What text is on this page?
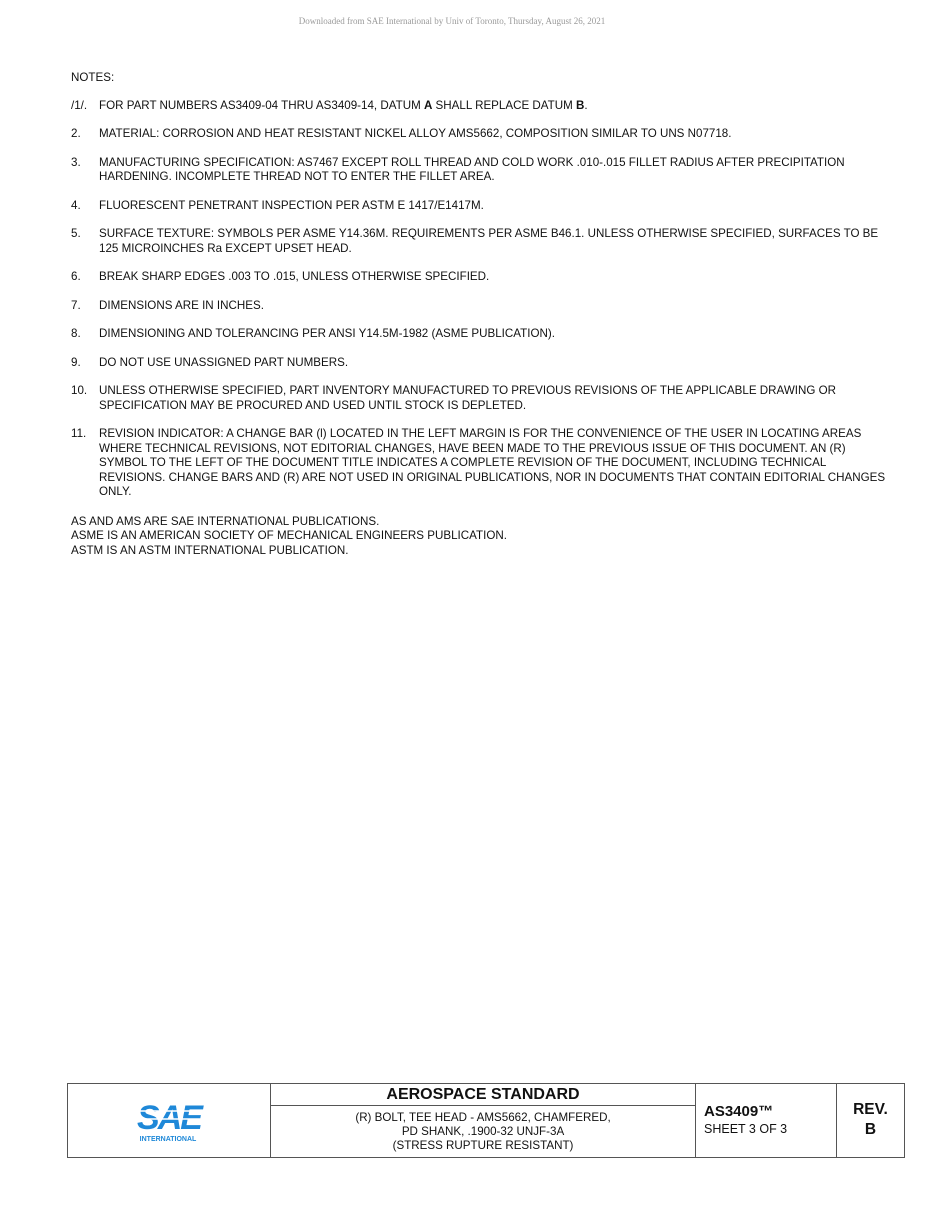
Downloaded from SAE International by Univ of Toronto, Thursday, August 26, 2021
NOTES:
/1/.	FOR PART NUMBERS AS3409-04 THRU AS3409-14, DATUM A SHALL REPLACE DATUM B.
2.	MATERIAL: CORROSION AND HEAT RESISTANT NICKEL ALLOY AMS5662, COMPOSITION SIMILAR TO UNS N07718.
3.	MANUFACTURING SPECIFICATION: AS7467 EXCEPT ROLL THREAD AND COLD WORK .010-.015 FILLET RADIUS AFTER PRECIPITATION HARDENING. INCOMPLETE THREAD NOT TO ENTER THE FILLET AREA.
4.	FLUORESCENT PENETRANT INSPECTION PER ASTM E 1417/E1417M.
5.	SURFACE TEXTURE: SYMBOLS PER ASME Y14.36M. REQUIREMENTS PER ASME B46.1. UNLESS OTHERWISE SPECIFIED, SURFACES TO BE 125 MICROINCHES Ra EXCEPT UPSET HEAD.
6.	BREAK SHARP EDGES .003 TO .015, UNLESS OTHERWISE SPECIFIED.
7.	DIMENSIONS ARE IN INCHES.
8.	DIMENSIONING AND TOLERANCING PER ANSI Y14.5M-1982 (ASME PUBLICATION).
9.	DO NOT USE UNASSIGNED PART NUMBERS.
10.	UNLESS OTHERWISE SPECIFIED, PART INVENTORY MANUFACTURED TO PREVIOUS REVISIONS OF THE APPLICABLE DRAWING OR SPECIFICATION MAY BE PROCURED AND USED UNTIL STOCK IS DEPLETED.
11.	REVISION INDICATOR: A CHANGE BAR (l) LOCATED IN THE LEFT MARGIN IS FOR THE CONVENIENCE OF THE USER IN LOCATING AREAS WHERE TECHNICAL REVISIONS, NOT EDITORIAL CHANGES, HAVE BEEN MADE TO THE PREVIOUS ISSUE OF THIS DOCUMENT. AN (R) SYMBOL TO THE LEFT OF THE DOCUMENT TITLE INDICATES A COMPLETE REVISION OF THE DOCUMENT, INCLUDING TECHNICAL REVISIONS. CHANGE BARS AND (R) ARE NOT USED IN ORIGINAL PUBLICATIONS, NOR IN DOCUMENTS THAT CONTAIN EDITORIAL CHANGES ONLY.
AS AND AMS ARE SAE INTERNATIONAL PUBLICATIONS.
ASME IS AN AMERICAN SOCIETY OF MECHANICAL ENGINEERS PUBLICATION.
ASTM IS AN ASTM INTERNATIONAL PUBLICATION.
SAE
INTERNATIONAL
AEROSPACE STANDARD
(R) BOLT, TEE HEAD - AMS5662, CHAMFERED,
PD SHANK, .1900-32 UNJF-3A
(STRESS RUPTURE RESISTANT)
AS3409™
SHEET 3 OF 3
REV.
B
